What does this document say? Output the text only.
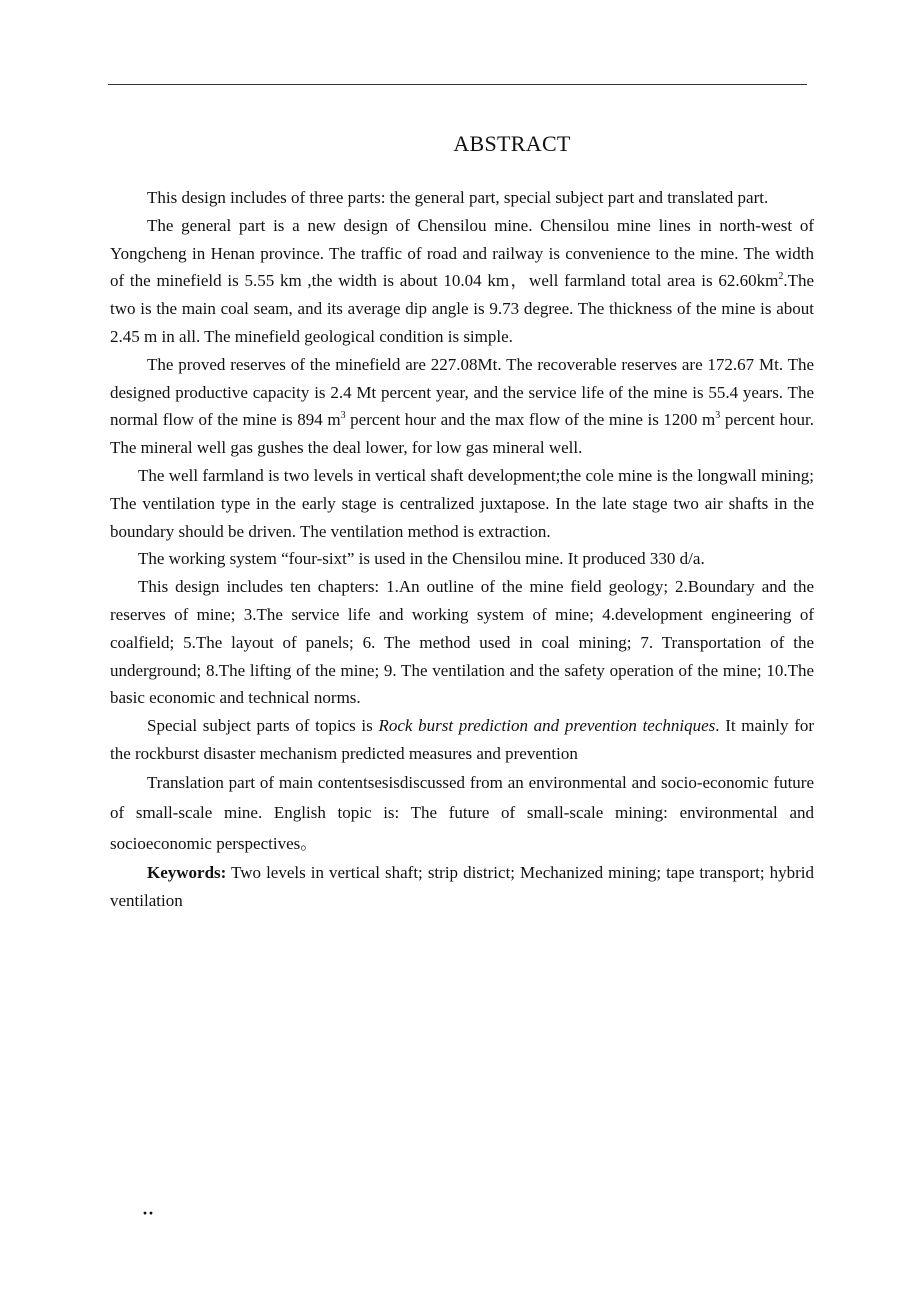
ABSTRACT

This design includes of three parts: the general part, special subject part and translated part.

The general part is a new design of Chensilou mine. Chensilou mine lines in north-west of Yongcheng in Henan province. The traffic of road and railway is convenience to the mine. The width of the minefield is 5.55 km ,the width is about 10.04 km，well farmland total area is $62.60km^2.The$ two is the main coal seam, and its average dip angle is 9.73 degree. The thickness of the mine is about 2.45 m in all. The minefield geological condition is simple.

The proved reserves of the minefield are 227.08Mt. The recoverable reserves are 172.67 Mt. The designed productive capacity is 2.4 Mt percent year, and the service life of the mine is 55.4 years. The normal flow of the mine is 894 $m^3$ percent hour and the max flow of the mine is 1200 $m^3$ percent hour. The mineral well gas gushes the deal lower, for low gas mineral well.

The well farmland is two levels in vertical shaft development;the cole mine is the longwall mining; The ventilation type in the early stage is centralized juxtapose. In the late stage two air shafts in the boundary should be driven. The ventilation method is extraction.

The working system “four-sixt” is used in the Chensilou mine. It produced 330 d/a.

This design includes ten chapters: 1.An outline of the mine field geology; 2.Boundary and the reserves of mine; 3.The service life and working system of mine; 4.development engineering of coalfield; 5.The layout of panels; 6. The method used in coal mining; 7. Transportation of the underground; 8.The lifting of the mine; 9. The ventilation and the safety operation of the mine; 10.The basic economic and technical norms.

Special subject parts of topics is Rock burst prediction and prevention techniques. It mainly for the rockburst disaster mechanism predicted measures and prevention

Translation part of main contentsesisdiscussed from an environmental and socio-economic future of small-scale mine. English topic is: The future of small-scale mining: environmental and socioeconomic perspectives。

Keywords: Two levels in vertical shaft; strip district; Mechanized mining; tape transport; hybrid ventilation

··
